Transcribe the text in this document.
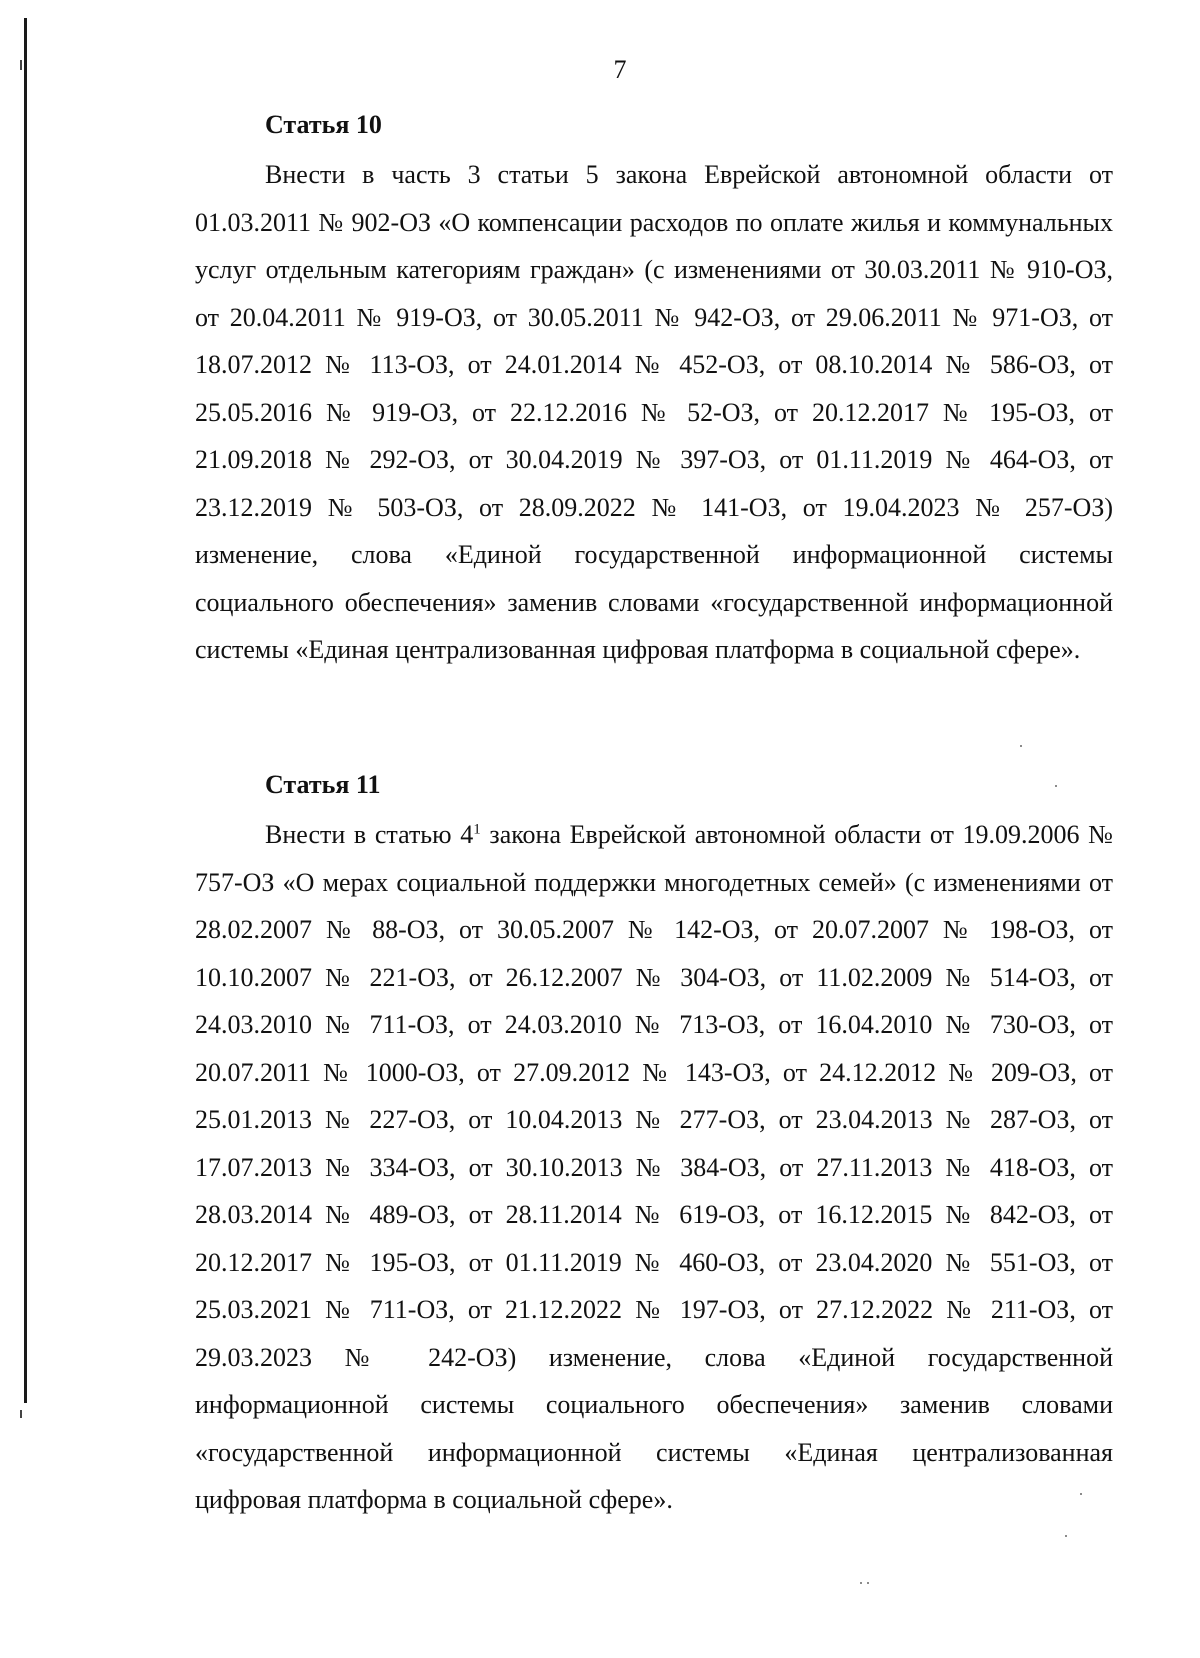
7
Статья 10

Внести в часть 3 статьи 5 закона Еврейской автономной области от 01.03.2011 № 902-ОЗ «О компенсации расходов по оплате жилья и коммунальных услуг отдельным категориям граждан» (с изменениями от 30.03.2011 № 910-ОЗ, от 20.04.2011 № 919-ОЗ, от 30.05.2011 № 942-ОЗ, от 29.06.2011 № 971-ОЗ, от 18.07.2012 № 113-ОЗ, от 24.01.2014 № 452-ОЗ, от 08.10.2014 № 586-ОЗ, от 25.05.2016 № 919-ОЗ, от 22.12.2016 № 52-ОЗ, от 20.12.2017 № 195-ОЗ, от 21.09.2018 № 292-ОЗ, от 30.04.2019 № 397-ОЗ, от 01.11.2019 № 464-ОЗ, от 23.12.2019 № 503-ОЗ, от 28.09.2022 № 141-ОЗ, от 19.04.2023 № 257-ОЗ) изменение, слова «Единой государственной информационной системы социального обеспечения» заменив словами «государственной информационной системы «Единая централизованная цифровая платформа в социальной сфере».

Статья 11

Внести в статью $4^1$ закона Еврейской автономной области от 19.09.2006 № 757-ОЗ «О мерах социальной поддержки многодетных семей» (с изменениями от 28.02.2007 № 88-ОЗ, от 30.05.2007 № 142-ОЗ, от 20.07.2007 № 198-ОЗ, от 10.10.2007 № 221-ОЗ, от 26.12.2007 № 304-ОЗ, от 11.02.2009 № 514-ОЗ, от 24.03.2010 № 711-ОЗ, от 24.03.2010 № 713-ОЗ, от 16.04.2010 № 730-ОЗ, от 20.07.2011 № 1000-ОЗ, от 27.09.2012 № 143-ОЗ, от 24.12.2012 № 209-ОЗ, от 25.01.2013 № 227-ОЗ, от 10.04.2013 № 277-ОЗ, от 23.04.2013 № 287-ОЗ, от 17.07.2013 № 334-ОЗ, от 30.10.2013 № 384-ОЗ, от 27.11.2013 № 418-ОЗ, от 28.03.2014 № 489-ОЗ, от 28.11.2014 № 619-ОЗ, от 16.12.2015 № 842-ОЗ, от 20.12.2017 № 195-ОЗ, от 01.11.2019 № 460-ОЗ, от 23.04.2020 № 551-ОЗ, от 25.03.2021 № 711-ОЗ, от 21.12.2022 № 197-ОЗ, от 27.12.2022 № 211-ОЗ, от 29.03.2023 № 242-ОЗ) изменение, слова «Единой государственной информационной системы социального обеспечения» заменив словами «государственной информационной системы «Единая централизованная цифровая платформа в социальной сфере».
